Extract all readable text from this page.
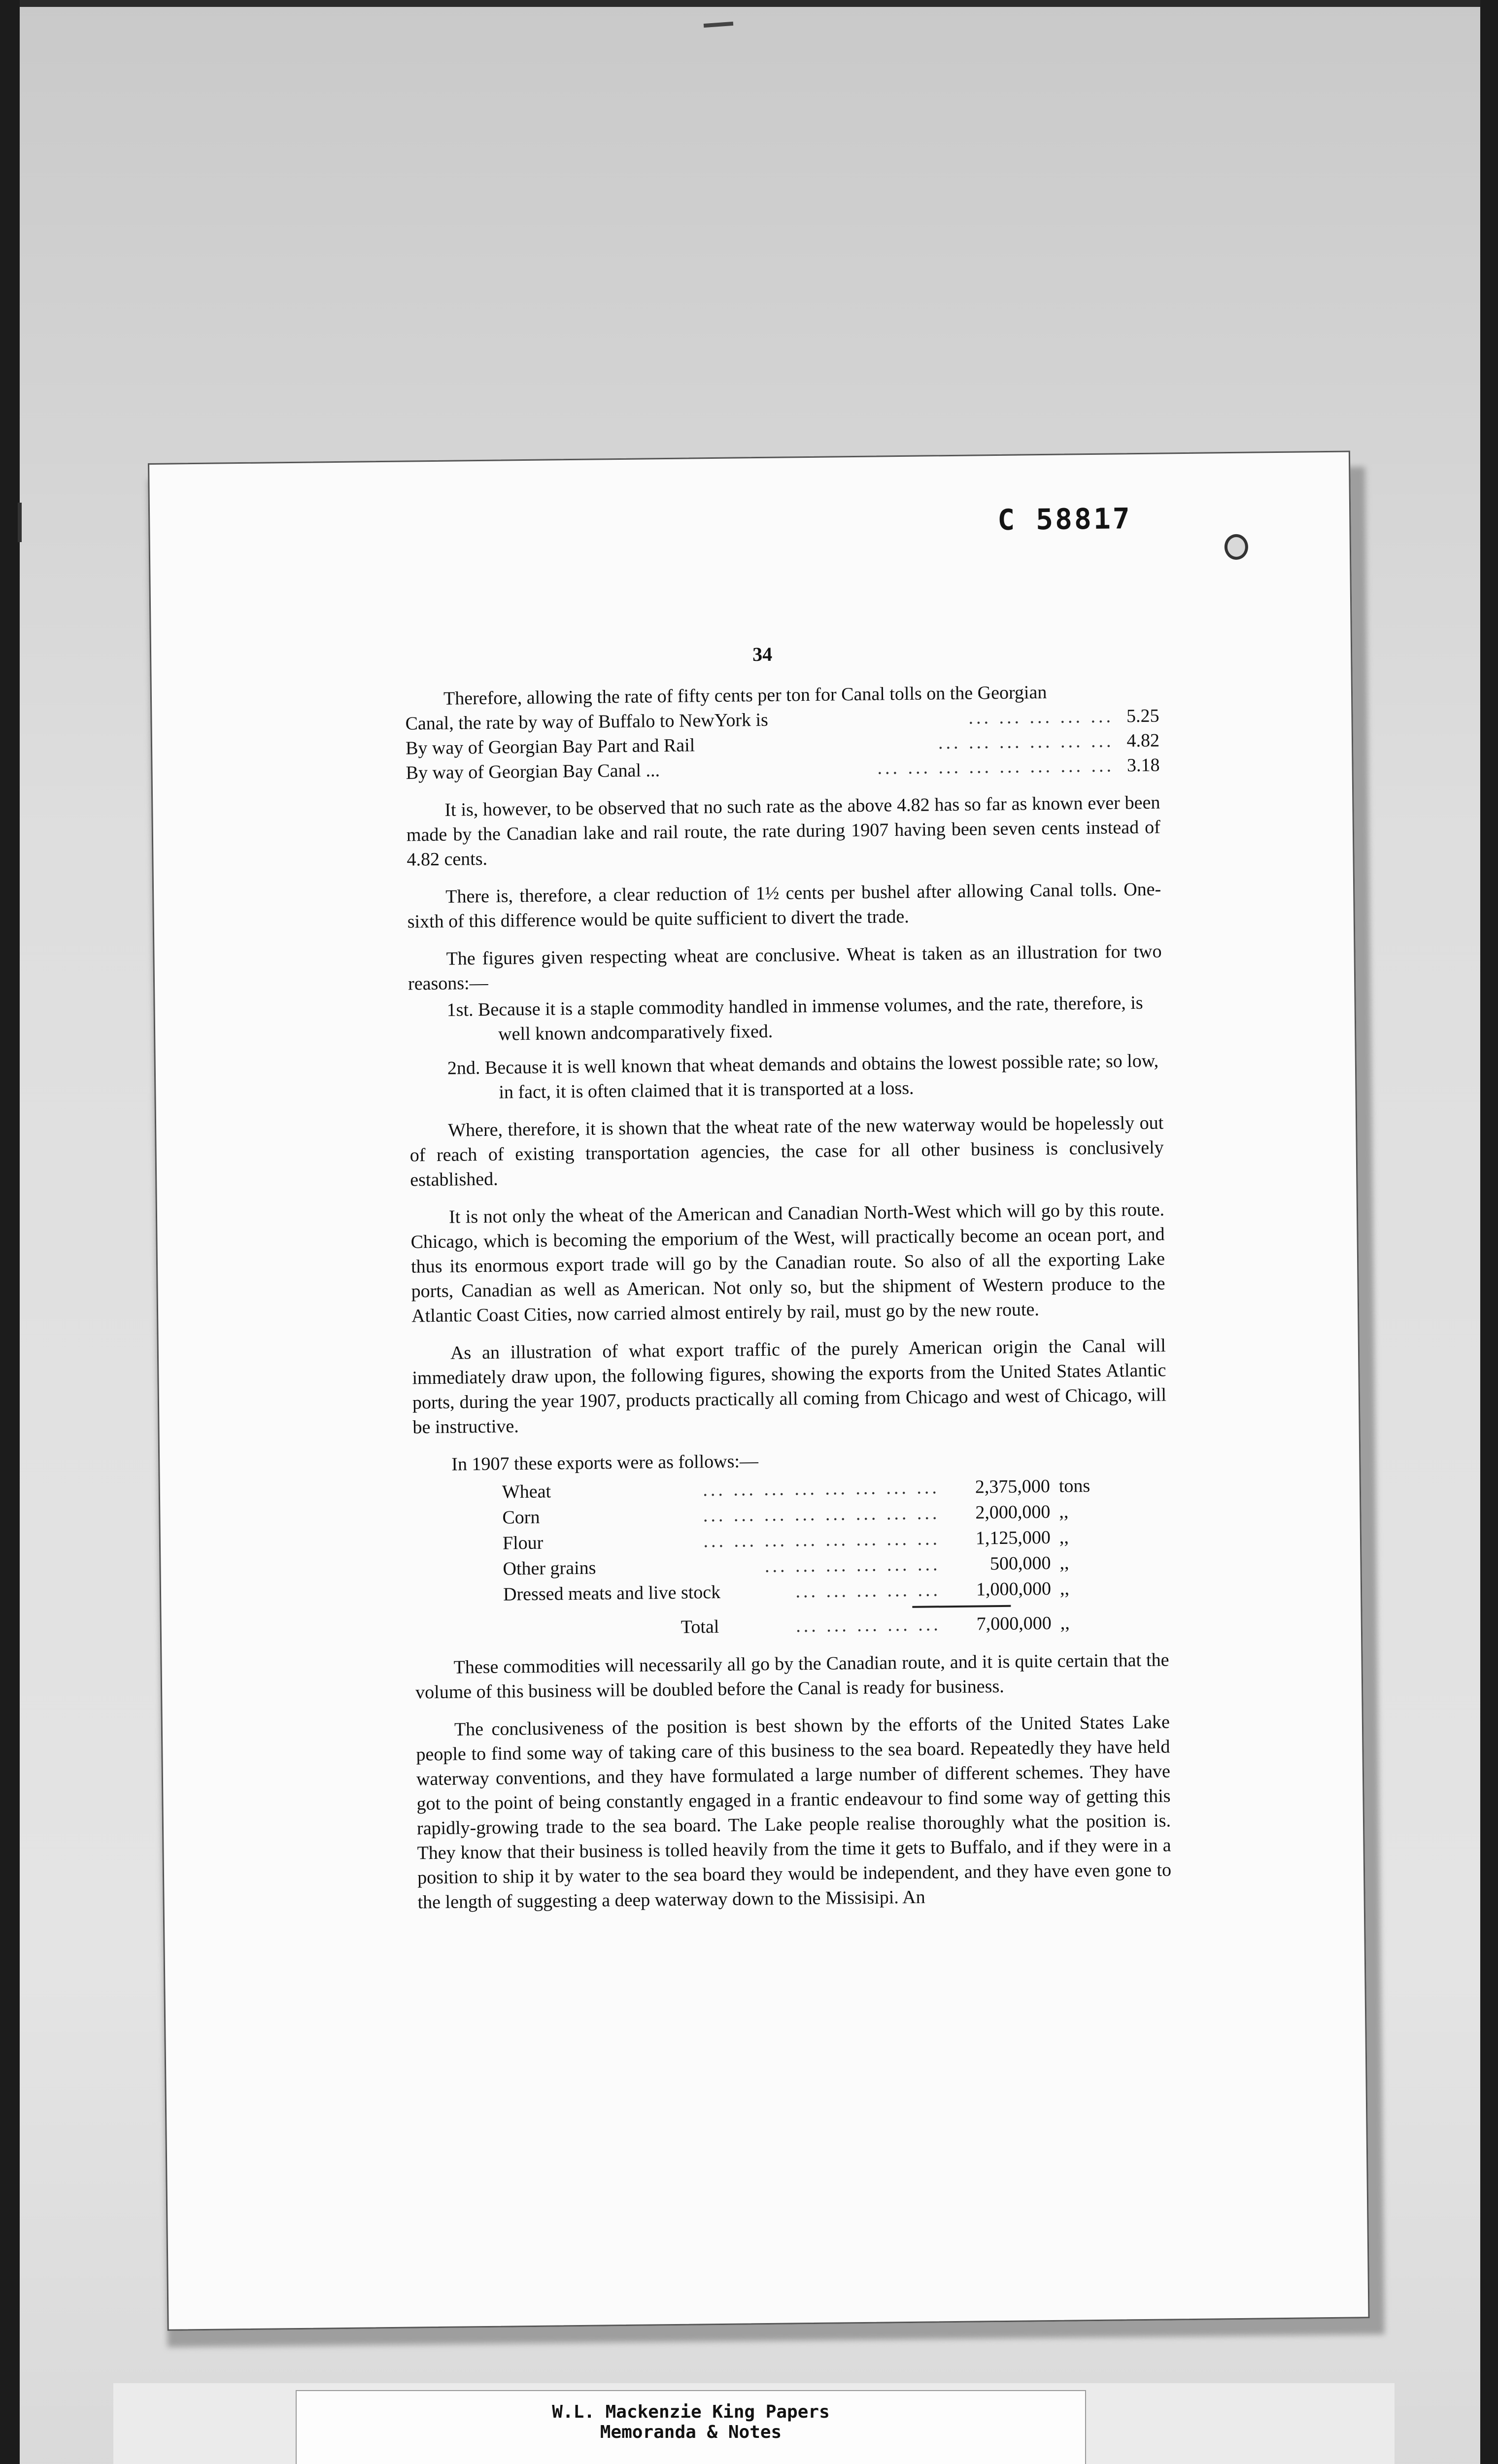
C 58817
34
Therefore, allowing the rate of fifty cents per ton for Canal tolls on the Georgian
Canal, the rate by way of Buffalo to NewYork is	... ... ... ... ... 5.25
By way of Georgian Bay Part and Rail	... ... ... ... ... ... 4.82
By way of Georgian Bay Canal ...	... ... ... ... ... ... ... ... 3.18

It is, however, to be observed that no such rate as the above 4.82 has so far as known ever been made by the Canadian lake and rail route, the rate during 1907 having been seven cents instead of 4.82 cents.

There is, therefore, a clear reduction of 1½ cents per bushel after allowing Canal tolls. One-sixth of this difference would be quite sufficient to divert the trade.

The figures given respecting wheat are conclusive. Wheat is taken as an illustration for two reasons:—

1st. Because it is a staple commodity handled in immense volumes, and the rate, therefore, is well known andcomparatively fixed.

2nd. Because it is well known that wheat demands and obtains the lowest possible rate; so low, in fact, it is often claimed that it is transported at a loss.

Where, therefore, it is shown that the wheat rate of the new waterway would be hopelessly out of reach of existing transportation agencies, the case for all other business is conclusively established.

It is not only the wheat of the American and Canadian North-West which will go by this route. Chicago, which is becoming the emporium of the West, will practically become an ocean port, and thus its enormous export trade will go by the Canadian route. So also of all the exporting Lake ports, Canadian as well as American. Not only so, but the shipment of Western produce to the Atlantic Coast Cities, now carried almost entirely by rail, must go by the new route.

As an illustration of what export traffic of the purely American origin the Canal will immediately draw upon, the following figures, showing the exports from the United States Atlantic ports, during the year 1907, products practically all coming from Chicago and west of Chicago, will be instructive.

In 1907 these exports were as follows:—

Wheat	... ... ... ... ... ... ... ...	2,375,000 tons
Corn	... ... ... ... ... ... ... ...	2,000,000 ,,
Flour	... ... ... ... ... ... ... ...	1,125,000 ,,
Other grains	... ... ... ... ... ...	500,000 ,,
Dressed meats and live stock	... ... ... ... ...	1,000,000 ,,
Total	... ... ... ... ...	7,000,000 ,,

These commodities will necessarily all go by the Canadian route, and it is quite certain that the volume of this business will be doubled before the Canal is ready for business.

The conclusiveness of the position is best shown by the efforts of the United States Lake people to find some way of taking care of this business to the sea board. Repeatedly they have held waterway conventions, and they have formulated a large number of different schemes. They have got to the point of being constantly engaged in a frantic endeavour to find some way of getting this rapidly-growing trade to the sea board. The Lake people realise thoroughly what the position is. They know that their business is tolled heavily from the time it gets to Buffalo, and if they were in a position to ship it by water to the sea board they would be independent, and they have even gone to the length of suggesting a deep waterway down to the Missisipi. An

W.L. Mackenzie King Papers
Memoranda & Notes
